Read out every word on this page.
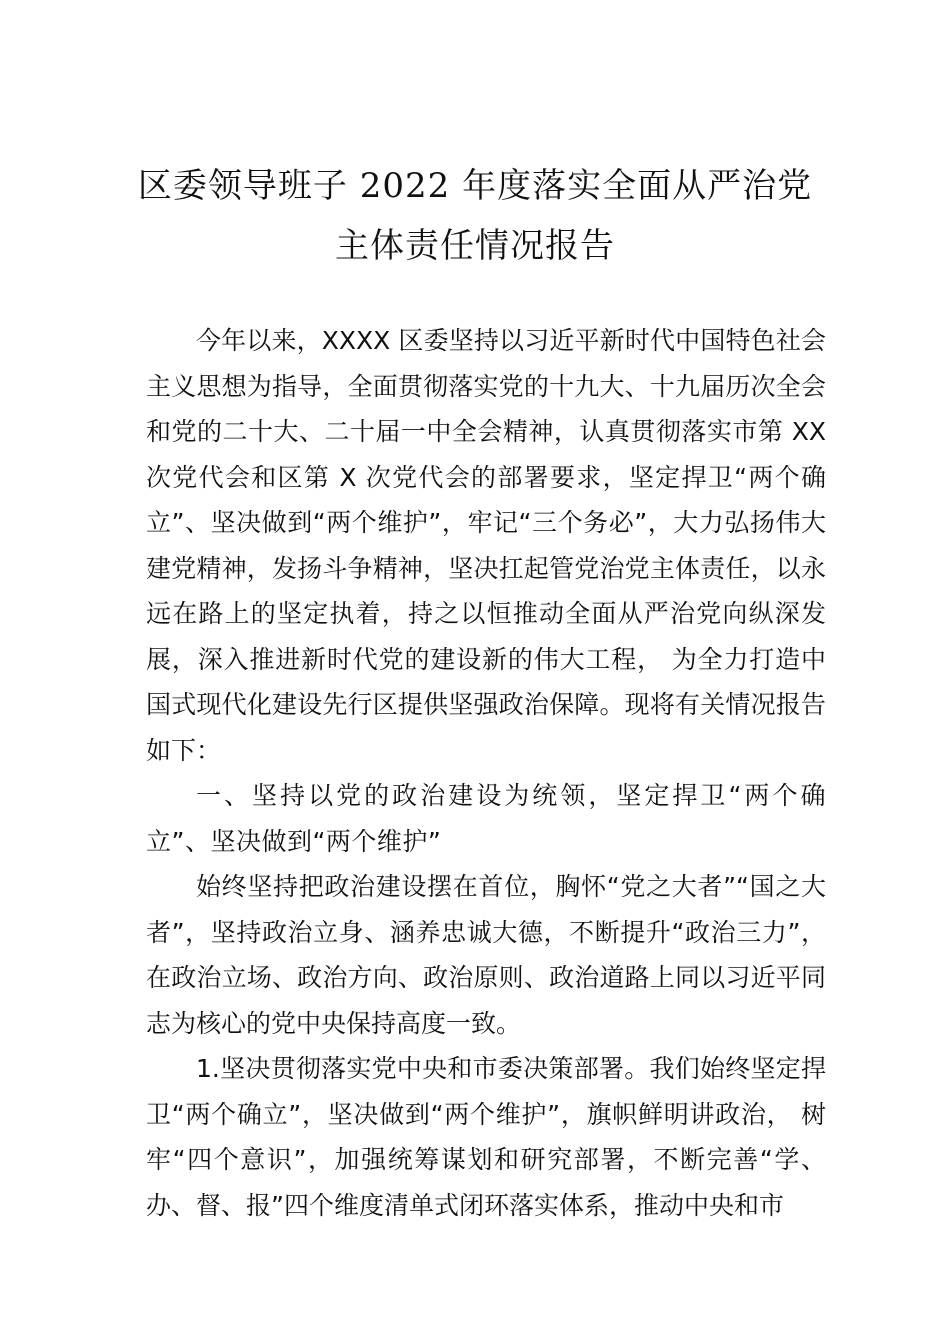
区委领导班子 2022 年度落实全面从严治党
主体责任情况报告

今年以来，XXXX 区委坚持以习近平新时代中国特色社会主义思想为指导，全面贯彻落实党的十九大、十九届历次全会和党的二十大、二十届一中全会精神，认真贯彻落实市第 XX 次党代会和区第 X 次党代会的部署要求，坚定捍卫“两个确立”、坚决做到“两个维护”，牢记“三个务必”，大力弘扬伟大建党精神，发扬斗争精神，坚决扛起管党治党主体责任，以永远在路上的坚定执着，持之以恒推动全面从严治党向纵深发展，深入推进新时代党的建设新的伟大工程， 为全力打造中国式现代化建设先行区提供坚强政治保障。现将有关情况报告如下：

一、坚持以党的政治建设为统领，坚定捍卫“两个确立”、坚决做到“两个维护”

始终坚持把政治建设摆在首位，胸怀“党之大者”“国之大者”，坚持政治立身、涵养忠诚大德，不断提升“政治三力”，在政治立场、政治方向、政治原则、政治道路上同以习近平同志为核心的党中央保持高度一致。

1.坚决贯彻落实党中央和市委决策部署。我们始终坚定捍卫“两个确立”，坚决做到“两个维护”，旗帜鲜明讲政治， 树牢“四个意识”，加强统筹谋划和研究部署，不断完善“学、办、督、报”四个维度清单式闭环落实体系，推动中央和市
